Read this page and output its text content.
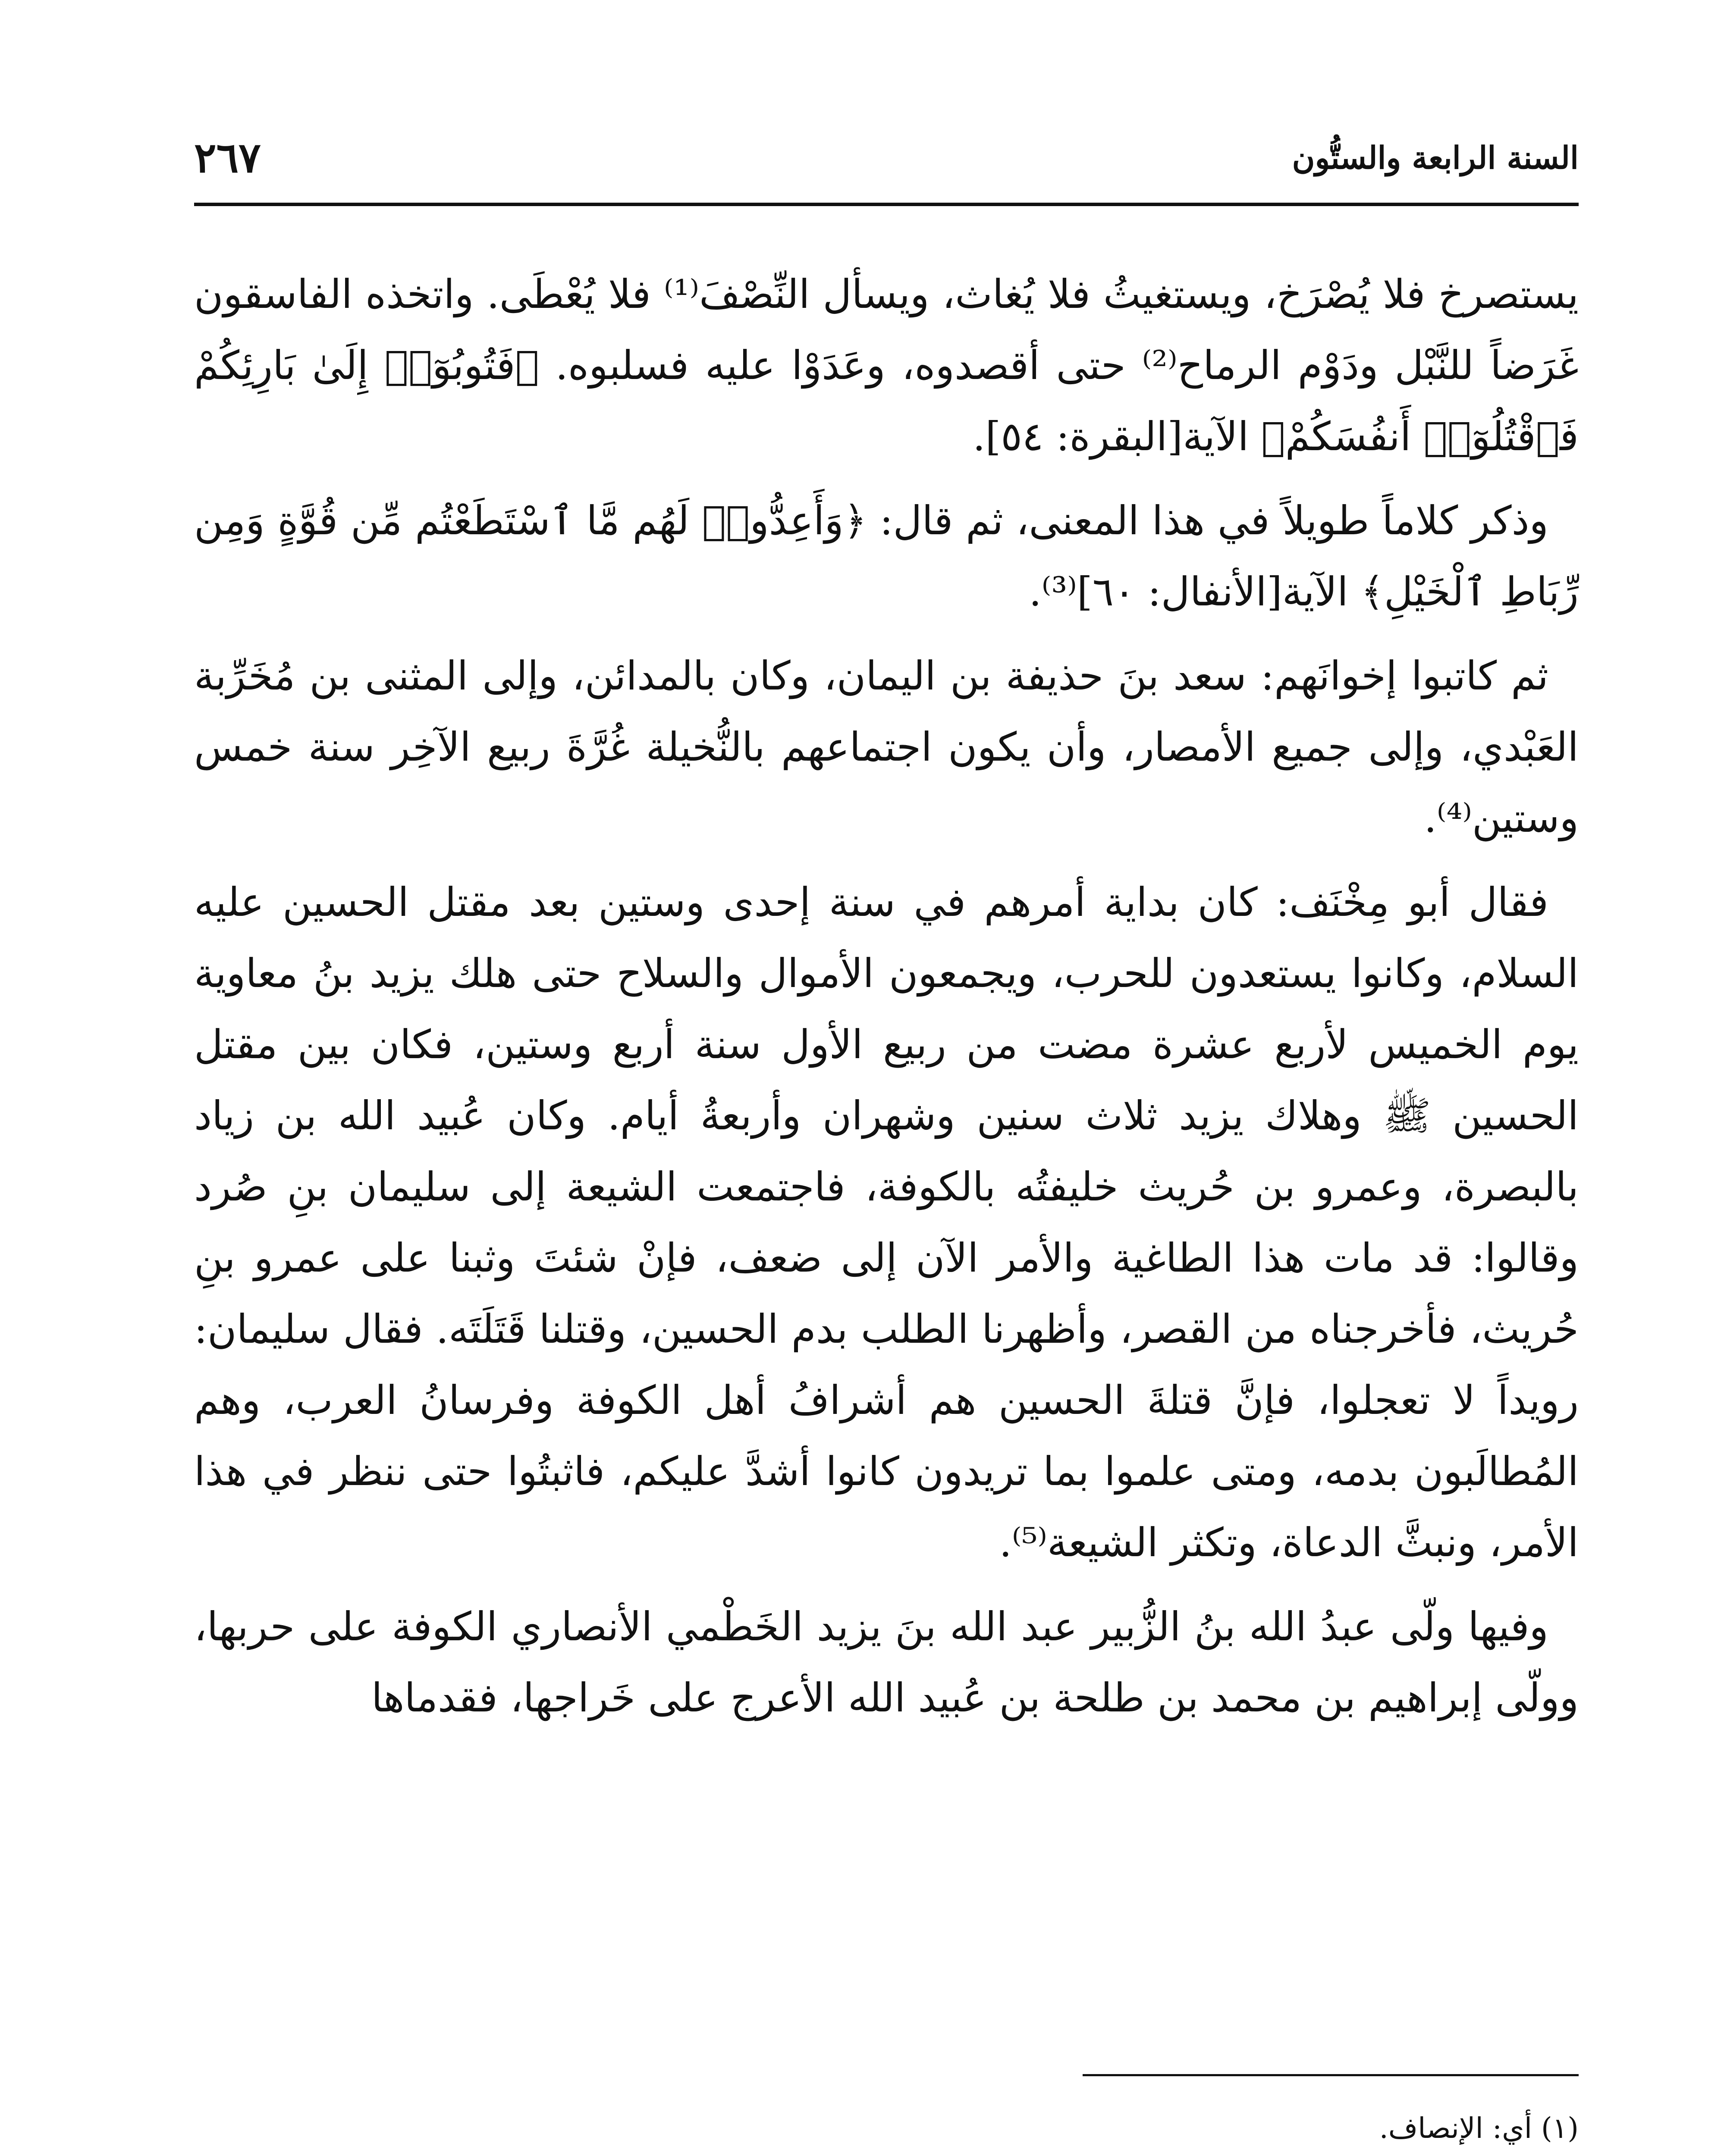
السنة الرابعة والستُّون
٢٦٧

يستصرخ فلا يُصْرَخ، ويستغيثُ فلا يُغاث، ويسأل النِّصْفَ⁽¹⁾ فلا يُعْطَى. واتخذه الفاسقون غَرَضاً للنَّبْل ودَوْم الرماح⁽²⁾ حتى أقصدوه، وعَدَوْا عليه فسلبوه. ﴿فَتُوبُوٓا۟ إِلَىٰ بَارِئِكُمْ فَٱقْتُلُوٓا۟ أَنفُسَكُمْ﴾ الآية[البقرة: ٥٤].

وذكر كلاماً طويلاً في هذا المعنى، ثم قال: ﴿وَأَعِدُّوا۟ لَهُم مَّا ٱسْتَطَعْتُم مِّن قُوَّةٍ وَمِن رِّبَاطِ ٱلْخَيْلِ﴾ الآية[الأنفال: ٦٠]⁽³⁾.

ثم كاتبوا إخوانَهم: سعد بنَ حذيفة بن اليمان، وكان بالمدائن، وإلى المثنى بن مُخَرِّبة العَبْدي، وإلى جميع الأمصار، وأن يكون اجتماعهم بالنُّخيلة غُرَّةَ ربيع الآخِر سنة خمس وستين⁽⁴⁾.

فقال أبو مِخْنَف: كان بداية أمرهم في سنة إحدى وستين بعد مقتل الحسين عليه السلام، وكانوا يستعدون للحرب، ويجمعون الأموال والسلاح حتى هلك يزيد بنُ معاوية يوم الخميس لأربع عشرة مضت من ربيع الأول سنة أربع وستين، فكان بين مقتل الحسين ﷺ وهلاك يزيد ثلاث سنين وشهران وأربعةُ أيام. وكان عُبيد الله بن زياد بالبصرة، وعمرو بن حُريث خليفتُه بالكوفة، فاجتمعت الشيعة إلى سليمان بنِ صُرد وقالوا: قد مات هذا الطاغية والأمر الآن إلى ضعف، فإنْ شئتَ وثبنا على عمرو بنِ حُريث، فأخرجناه من القصر، وأظهرنا الطلب بدم الحسين، وقتلنا قَتَلَتَه. فقال سليمان: رويداً لا تعجلوا، فإنَّ قتلةَ الحسين هم أشرافُ أهل الكوفة وفرسانُ العرب، وهم المُطالَبون بدمه، ومتى علموا بما تريدون كانوا أشدَّ عليكم، فاثبتُوا حتى ننظر في هذا الأمر، ونبثَّ الدعاة، وتكثر الشيعة⁽⁵⁾.

وفيها ولّى عبدُ الله بنُ الزُّبير عبد الله بنَ يزيد الخَطْمي الأنصاري الكوفة على حربها، وولّى إبراهيم بن محمد بن طلحة بن عُبيد الله الأعرج على خَراجها، فقدماها

(١) أي: الإنصاف.
